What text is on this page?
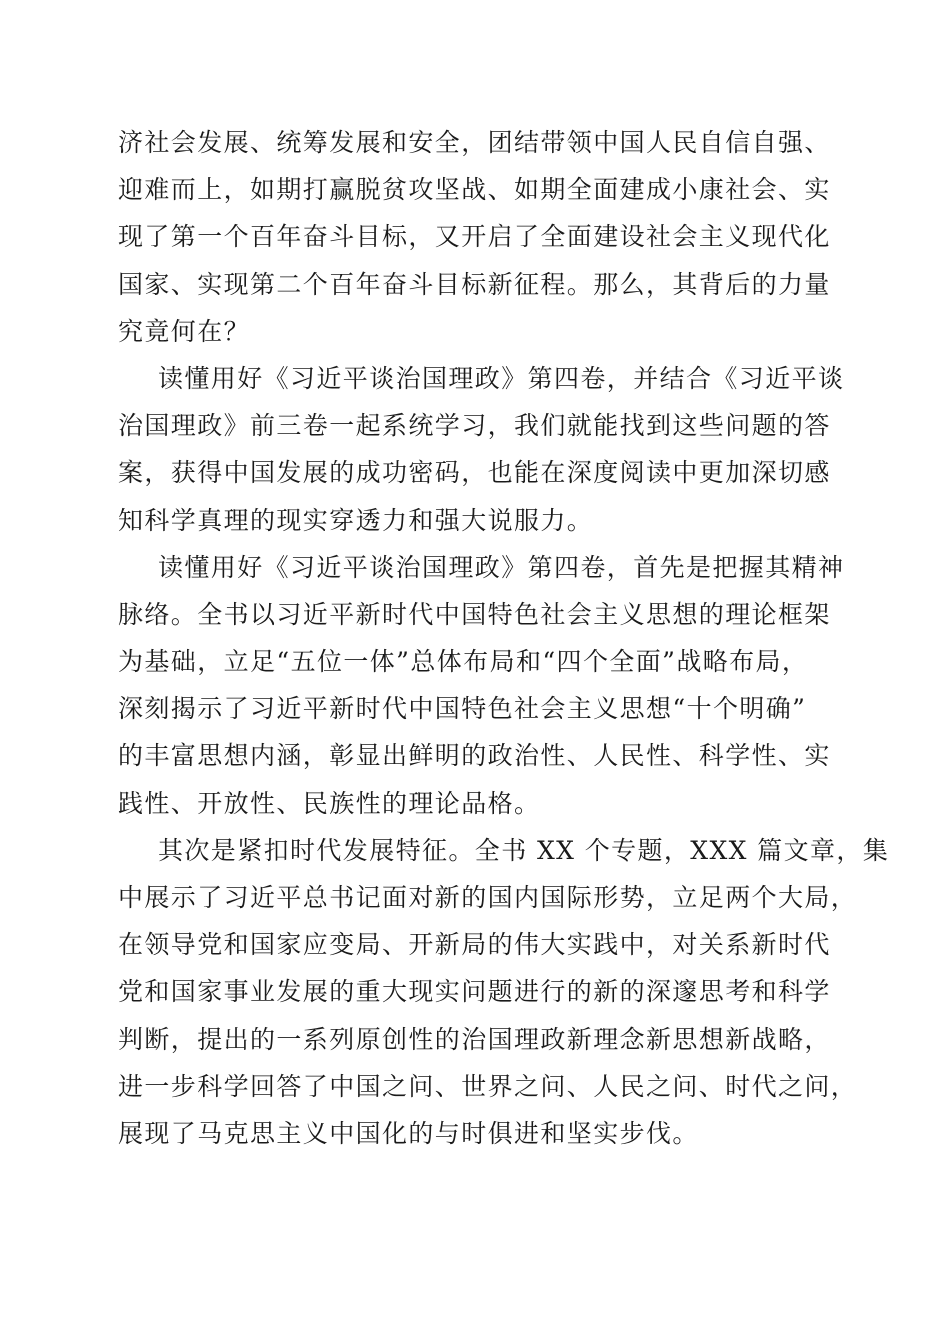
济社会发展、统筹发展和安全，团结带领中国人民自信自强、
迎难而上，如期打赢脱贫攻坚战、如期全面建成小康社会、实
现了第一个百年奋斗目标，又开启了全面建设社会主义现代化
国家、实现第二个百年奋斗目标新征程。那么，其背后的力量
究竟何在？
读懂用好《习近平谈治国理政》第四卷，并结合《习近平谈
治国理政》前三卷一起系统学习，我们就能找到这些问题的答
案，获得中国发展的成功密码，也能在深度阅读中更加深切感
知科学真理的现实穿透力和强大说服力。
读懂用好《习近平谈治国理政》第四卷，首先是把握其精神
脉络。全书以习近平新时代中国特色社会主义思想的理论框架
为基础，立足“五位一体”总体布局和“四个全面”战略布局，
深刻揭示了习近平新时代中国特色社会主义思想“十个明确”
的丰富思想内涵，彰显出鲜明的政治性、人民性、科学性、实
践性、开放性、民族性的理论品格。
其次是紧扣时代发展特征。全书 XX 个专题，XXX 篇文章，集
中展示了习近平总书记面对新的国内国际形势，立足两个大局，
在领导党和国家应变局、开新局的伟大实践中，对关系新时代
党和国家事业发展的重大现实问题进行的新的深邃思考和科学
判断，提出的一系列原创性的治国理政新理念新思想新战略，
进一步科学回答了中国之问、世界之问、人民之问、时代之问，
展现了马克思主义中国化的与时俱进和坚实步伐。
